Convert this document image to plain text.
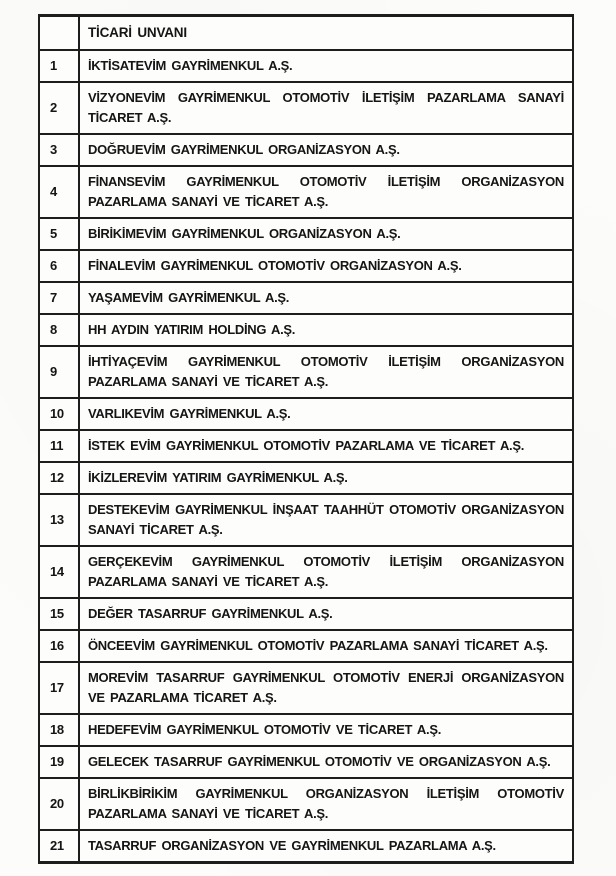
	TİCARİ UNVANI
1	İKTİSATEVİM GAYRİMENKUL A.Ş.
2	VİZYONEVİM GAYRİMENKUL OTOMOTİV İLETİŞİM PAZARLAMA SANAYİ TİCARET A.Ş.
3	DOĞRUEVİM GAYRİMENKUL ORGANİZASYON A.Ş.
4	FİNANSEVİM GAYRİMENKUL OTOMOTİV İLETİŞİM ORGANİZASYON PAZARLAMA SANAYİ VE TİCARET A.Ş.
5	BİRİKİMEVİM GAYRİMENKUL ORGANİZASYON A.Ş.
6	FİNALEVİM GAYRİMENKUL OTOMOTİV ORGANİZASYON A.Ş.
7	YAŞAMEVİM GAYRİMENKUL A.Ş.
8	HH AYDIN YATIRIM HOLDİNG A.Ş.
9	İHTİYAÇEVİM GAYRİMENKUL OTOMOTİV İLETİŞİM ORGANİZASYON PAZARLAMA SANAYİ VE TİCARET A.Ş.
10	VARLIKEVİM GAYRİMENKUL A.Ş.
11	İSTEK EVİM GAYRİMENKUL OTOMOTİV PAZARLAMA VE TİCARET A.Ş.
12	İKİZLEREVİM YATIRIM GAYRİMENKUL A.Ş.
13	DESTEKEVİM GAYRİMENKUL İNŞAAT TAAHHÜT OTOMOTİV ORGANİZASYON SANAYİ TİCARET A.Ş.
14	GERÇEKEVİM GAYRİMENKUL OTOMOTİV İLETİŞİM ORGANİZASYON PAZARLAMA SANAYİ VE TİCARET A.Ş.
15	DEĞER TASARRUF GAYRİMENKUL A.Ş.
16	ÖNCEEVİM GAYRİMENKUL OTOMOTİV PAZARLAMA SANAYİ TİCARET A.Ş.
17	MOREVİM TASARRUF GAYRİMENKUL OTOMOTİV ENERJİ ORGANİZASYON VE PAZARLAMA TİCARET A.Ş.
18	HEDEFEVİM GAYRİMENKUL OTOMOTİV VE TİCARET A.Ş.
19	GELECEK TASARRUF GAYRİMENKUL OTOMOTİV VE ORGANİZASYON A.Ş.
20	BİRLİKBİRİKİM GAYRİMENKUL ORGANİZASYON İLETİŞİM OTOMOTİV PAZARLAMA SANAYİ VE TİCARET A.Ş.
21	TASARRUF ORGANİZASYON VE GAYRİMENKUL PAZARLAMA A.Ş.
